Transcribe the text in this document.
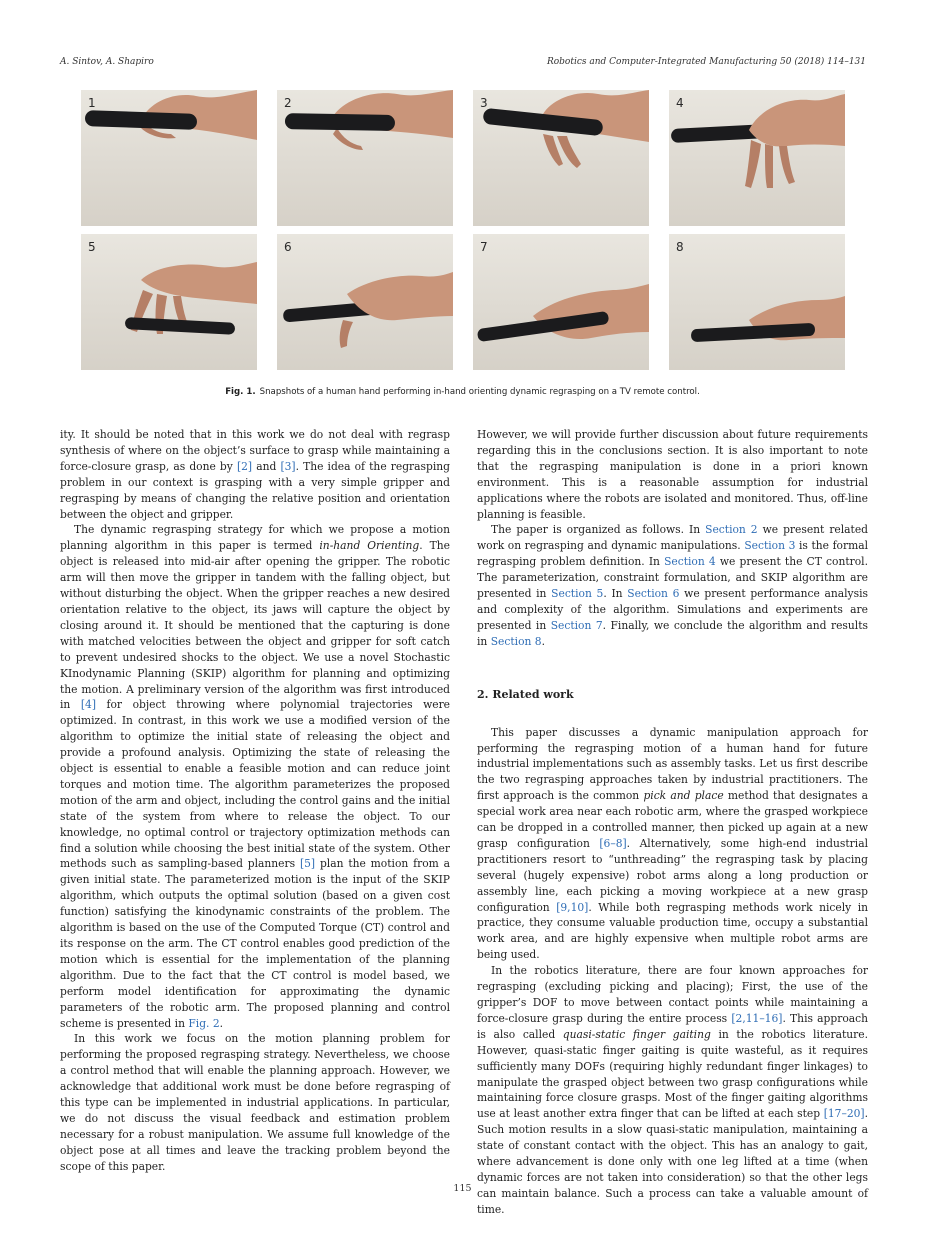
A. Sintov, A. Shapiro	Robotics and Computer-Integrated Manufacturing 50 (2018) 114–131
1	2	3	4
5	6	7	8
Fig. 1. Snapshots of a human hand performing in-hand orienting dynamic regrasping on a TV remote control.

ity. It should be noted that in this work we do not deal with regrasp synthesis of where on the object’s surface to grasp while maintaining a force-closure grasp, as done by [2] and [3]. The idea of the regrasping problem in our context is grasping with a very simple gripper and regrasping by means of changing the relative position and orientation between the object and gripper.

The dynamic regrasping strategy for which we propose a motion planning algorithm in this paper is termed in-hand Orienting. The object is released into mid-air after opening the gripper. The robotic arm will then move the gripper in tandem with the falling object, but without disturbing the object. When the gripper reaches a new desired orientation relative to the object, its jaws will capture the object by closing around it. It should be mentioned that the capturing is done with matched velocities between the object and gripper for soft catch to prevent undesired shocks to the object. We use a novel Stochastic KInodynamic Planning (SKIP) algorithm for planning and optimizing the motion. A preliminary version of the algorithm was first introduced in [4] for object throwing where polynomial trajectories were optimized. In contrast, in this work we use a modified version of the algorithm to optimize the initial state of releasing the object and provide a profound analysis. Optimizing the state of releasing the object is essential to enable a feasible motion and can reduce joint torques and motion time. The algorithm parameterizes the proposed motion of the arm and object, including the control gains and the initial state of the system from where to release the object. To our knowledge, no optimal control or trajectory optimization methods can find a solution while choosing the best initial state of the system. Other methods such as sampling-based planners [5] plan the motion from a given initial state. The parameterized motion is the input of the SKIP algorithm, which outputs the optimal solution (based on a given cost function) satisfying the kinodynamic constraints of the problem. The algorithm is based on the use of the Computed Torque (CT) control and its response on the arm. The CT control enables good prediction of the motion which is essential for the implementation of the planning algorithm. Due to the fact that the CT control is model based, we perform model identification for approximating the dynamic parameters of the robotic arm. The proposed planning and control scheme is presented in Fig. 2.

In this work we focus on the motion planning problem for performing the proposed regrasping strategy. Nevertheless, we choose a control method that will enable the planning approach. However, we acknowledge that additional work must be done before regrasping of this type can be implemented in industrial applications. In particular, we do not discuss the visual feedback and estimation problem necessary for a robust manipulation. We assume full knowledge of the object pose at all times and leave the tracking problem beyond the scope of this paper.

However, we will provide further discussion about future requirements regarding this in the conclusions section. It is also important to note that the regrasping manipulation is done in a priori known environment. This is a reasonable assumption for industrial applications where the robots are isolated and monitored. Thus, off-line planning is feasible.

The paper is organized as follows. In Section 2 we present related work on regrasping and dynamic manipulations. Section 3 is the formal regrasping problem definition. In Section 4 we present the CT control. The parameterization, constraint formulation, and SKIP algorithm are presented in Section 5. In Section 6 we present performance analysis and complexity of the algorithm. Simulations and experiments are presented in Section 7. Finally, we conclude the algorithm and results in Section 8.

2. Related work

This paper discusses a dynamic manipulation approach for performing the regrasping motion of a human hand for future industrial implementations such as assembly tasks. Let us first describe the two regrasping approaches taken by industrial practitioners. The first approach is the common pick and place method that designates a special work area near each robotic arm, where the grasped workpiece can be dropped in a controlled manner, then picked up again at a new grasp configuration [6–8]. Alternatively, some high-end industrial practitioners resort to “unthreading” the regrasping task by placing several (hugely expensive) robot arms along a long production or assembly line, each picking a moving workpiece at a new grasp configuration [9,10]. While both regrasping methods work nicely in practice, they consume valuable production time, occupy a substantial work area, and are highly expensive when multiple robot arms are being used.

In the robotics literature, there are four known approaches for regrasping (excluding picking and placing); First, the use of the gripper’s DOF to move between contact points while maintaining a force-closure grasp during the entire process [2,11–16]. This approach is also called quasi-static finger gaiting in the robotics literature. However, quasi-static finger gaiting is quite wasteful, as it requires sufficiently many DOFs (requiring highly redundant finger linkages) to manipulate the grasped object between two grasp configurations while maintaining force closure grasps. Most of the finger gaiting algorithms use at least another extra finger that can be lifted at each step [17–20]. Such motion results in a slow quasi-static manipulation, maintaining a state of constant contact with the object. This has an analogy to gait, where advancement is done only with one leg lifted at a time (when dynamic forces are not taken into consideration) so that the other legs can maintain balance. Such a process can take a valuable amount of time.

115
